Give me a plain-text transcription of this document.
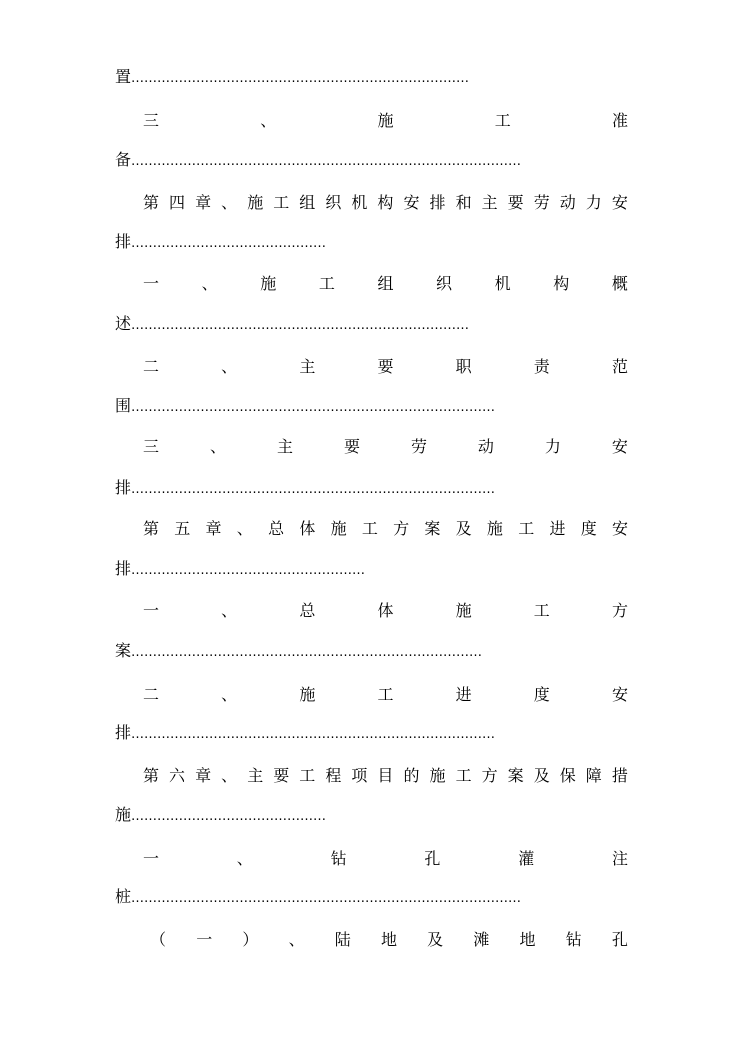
置……………………………………………………………………
三	、	施	工	准
备………………………………………………………………………………
第 四 章 、 施 工 组 织 机 构 安 排 和 主 要 劳 动 力 安
排………………………………………
一	、	施	工	组	织	机	构	概
述……………………………………………………………………
二	、	主	要	职	责	范
围…………………………………………………………………………
三	、	主	要	劳	动	力	安
排…………………………………………………………………………
第 五 章 、 总 体 施 工 方 案 及 施 工 进 度 安
排………………………………………………
一	、	总	体	施	工	方
案………………………………………………………………………
二	、	施	工	进	度	安
排…………………………………………………………………………
第 六 章 、 主 要 工 程 项 目 的 施 工 方 案 及 保 障 措
施………………………………………
一	、	钻	孔	灌	注
桩………………………………………………………………………………
（ 一 ） 、 陆 地 及 滩 地 钻 孔
